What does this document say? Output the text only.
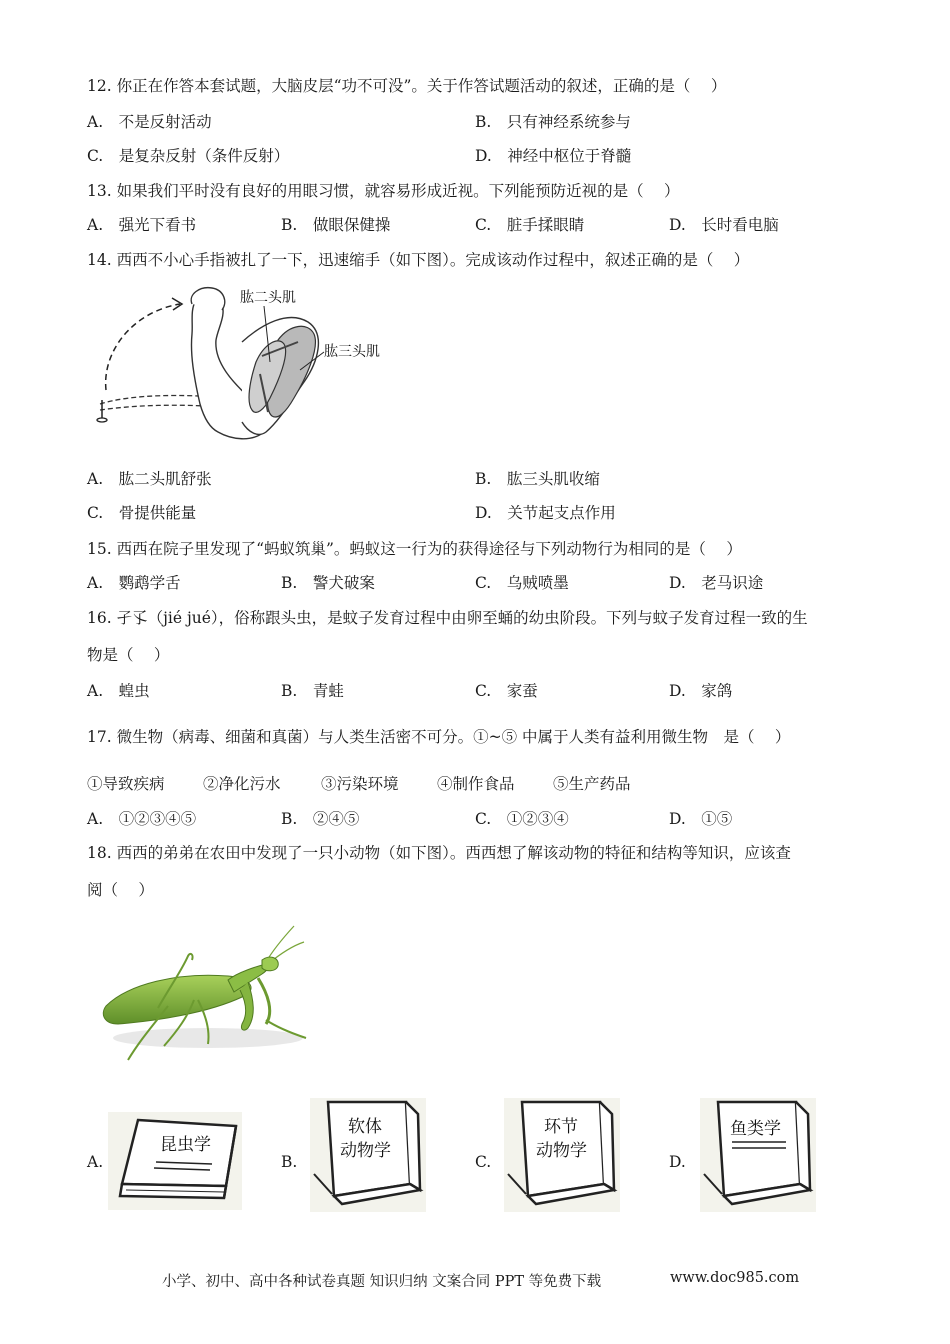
12. 你正在作答本套试题，大脑皮层“功不可没”。关于作答试题活动的叙述，正确的是（　 ）
A.　不是反射活动	B.　只有神经系统参与
C.　是复杂反射（条件反射）	D.　神经中枢位于脊髓
13. 如果我们平时没有良好的用眼习惯，就容易形成近视。下列能预防近视的是（　 ）
A.　强光下看书	B.　做眼保健操	C.　脏手揉眼睛	D.　长时看电脑
14. 西西不小心手指被扎了一下，迅速缩手（如下图）。完成该动作过程中，叙述正确的是（　 ）
肱二头肌
肱三头肌
A.　肱二头肌舒张	B.　肱三头肌收缩
C.　骨提供能量	D.　关节起支点作用
15. 西西在院子里发现了“蚂蚁筑巢”。蚂蚁这一行为的获得途径与下列动物行为相同的是（　 ）
A.　鹦鹉学舌	B.　警犬破案	C.　乌贼喷墨	D.　老马识途
16. 孑孓（jié jué），俗称跟头虫，是蚊子发育过程中由卵至蛹的幼虫阶段。下列与蚊子发育过程一致的生
物是（　 ）
A.　蝗虫	B.　青蛙	C.　家蚕	D.　家鸽
17. 微生物（病毒、细菌和真菌）与人类生活密不可分。①~⑤ 中属于人类有益利用微生物　是（　 ）
①导致疾病 ②净化污水	③污染环境 ④制作食品 ⑤生产药品
A.　①②③④⑤	B.　②④⑤	C.　①②③④	D.　①⑤
18. 西西的弟弟在农田中发现了一只小动物（如下图）。西西想了解该动物的特征和结构等知识，应该查
阅（　 ）
A.	B.	C.	D.
昆虫学
软体
动物学
环节
动物学
鱼类学
小学、初中、高中各种试卷真题 知识归纳 文案合同 PPT 等免费下载	www.doc985.com
